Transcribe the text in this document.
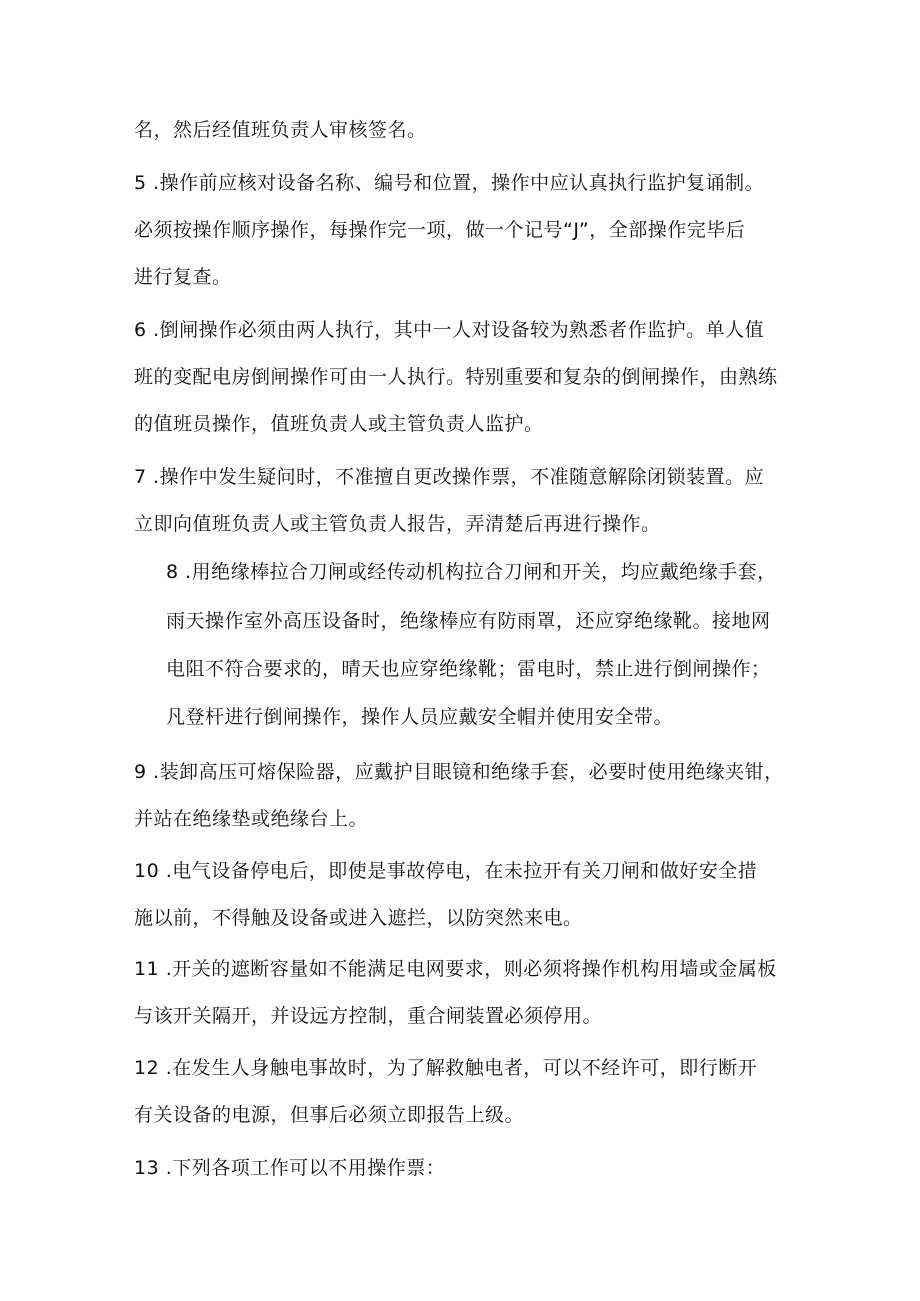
名，然后经值班负责人审核签名。
5 .操作前应核对设备名称、编号和位置，操作中应认真执行监护复诵制。
必须按操作顺序操作，每操作完一项，做一个记号“J”，全部操作完毕后
进行复查。
6 .倒闸操作必须由两人执行，其中一人对设备较为熟悉者作监护。单人值
班的变配电房倒闸操作可由一人执行。特别重要和复杂的倒闸操作，由熟练
的值班员操作，值班负责人或主管负责人监护。
7 .操作中发生疑问时，不准擅自更改操作票，不准随意解除闭锁装置。应
立即向值班负责人或主管负责人报告，弄清楚后再进行操作。
8 .用绝缘棒拉合刀闸或经传动机构拉合刀闸和开关，均应戴绝缘手套，
雨天操作室外高压设备时，绝缘棒应有防雨罩，还应穿绝缘靴。接地网
电阻不符合要求的，晴天也应穿绝缘靴；雷电时，禁止进行倒闸操作；
凡登杆进行倒闸操作，操作人员应戴安全帽并使用安全带。
9 .装卸高压可熔保险器，应戴护目眼镜和绝缘手套，必要时使用绝缘夹钳，
并站在绝缘垫或绝缘台上。
10 .电气设备停电后，即使是事故停电，在未拉开有关刀闸和做好安全措
施以前，不得触及设备或进入遮拦，以防突然来电。
11 .开关的遮断容量如不能满足电网要求，则必须将操作机构用墙或金属板
与该开关隔开，并设远方控制，重合闸装置必须停用。
12 .在发生人身触电事故时，为了解救触电者，可以不经许可，即行断开
有关设备的电源，但事后必须立即报告上级。
13 .下列各项工作可以不用操作票：
